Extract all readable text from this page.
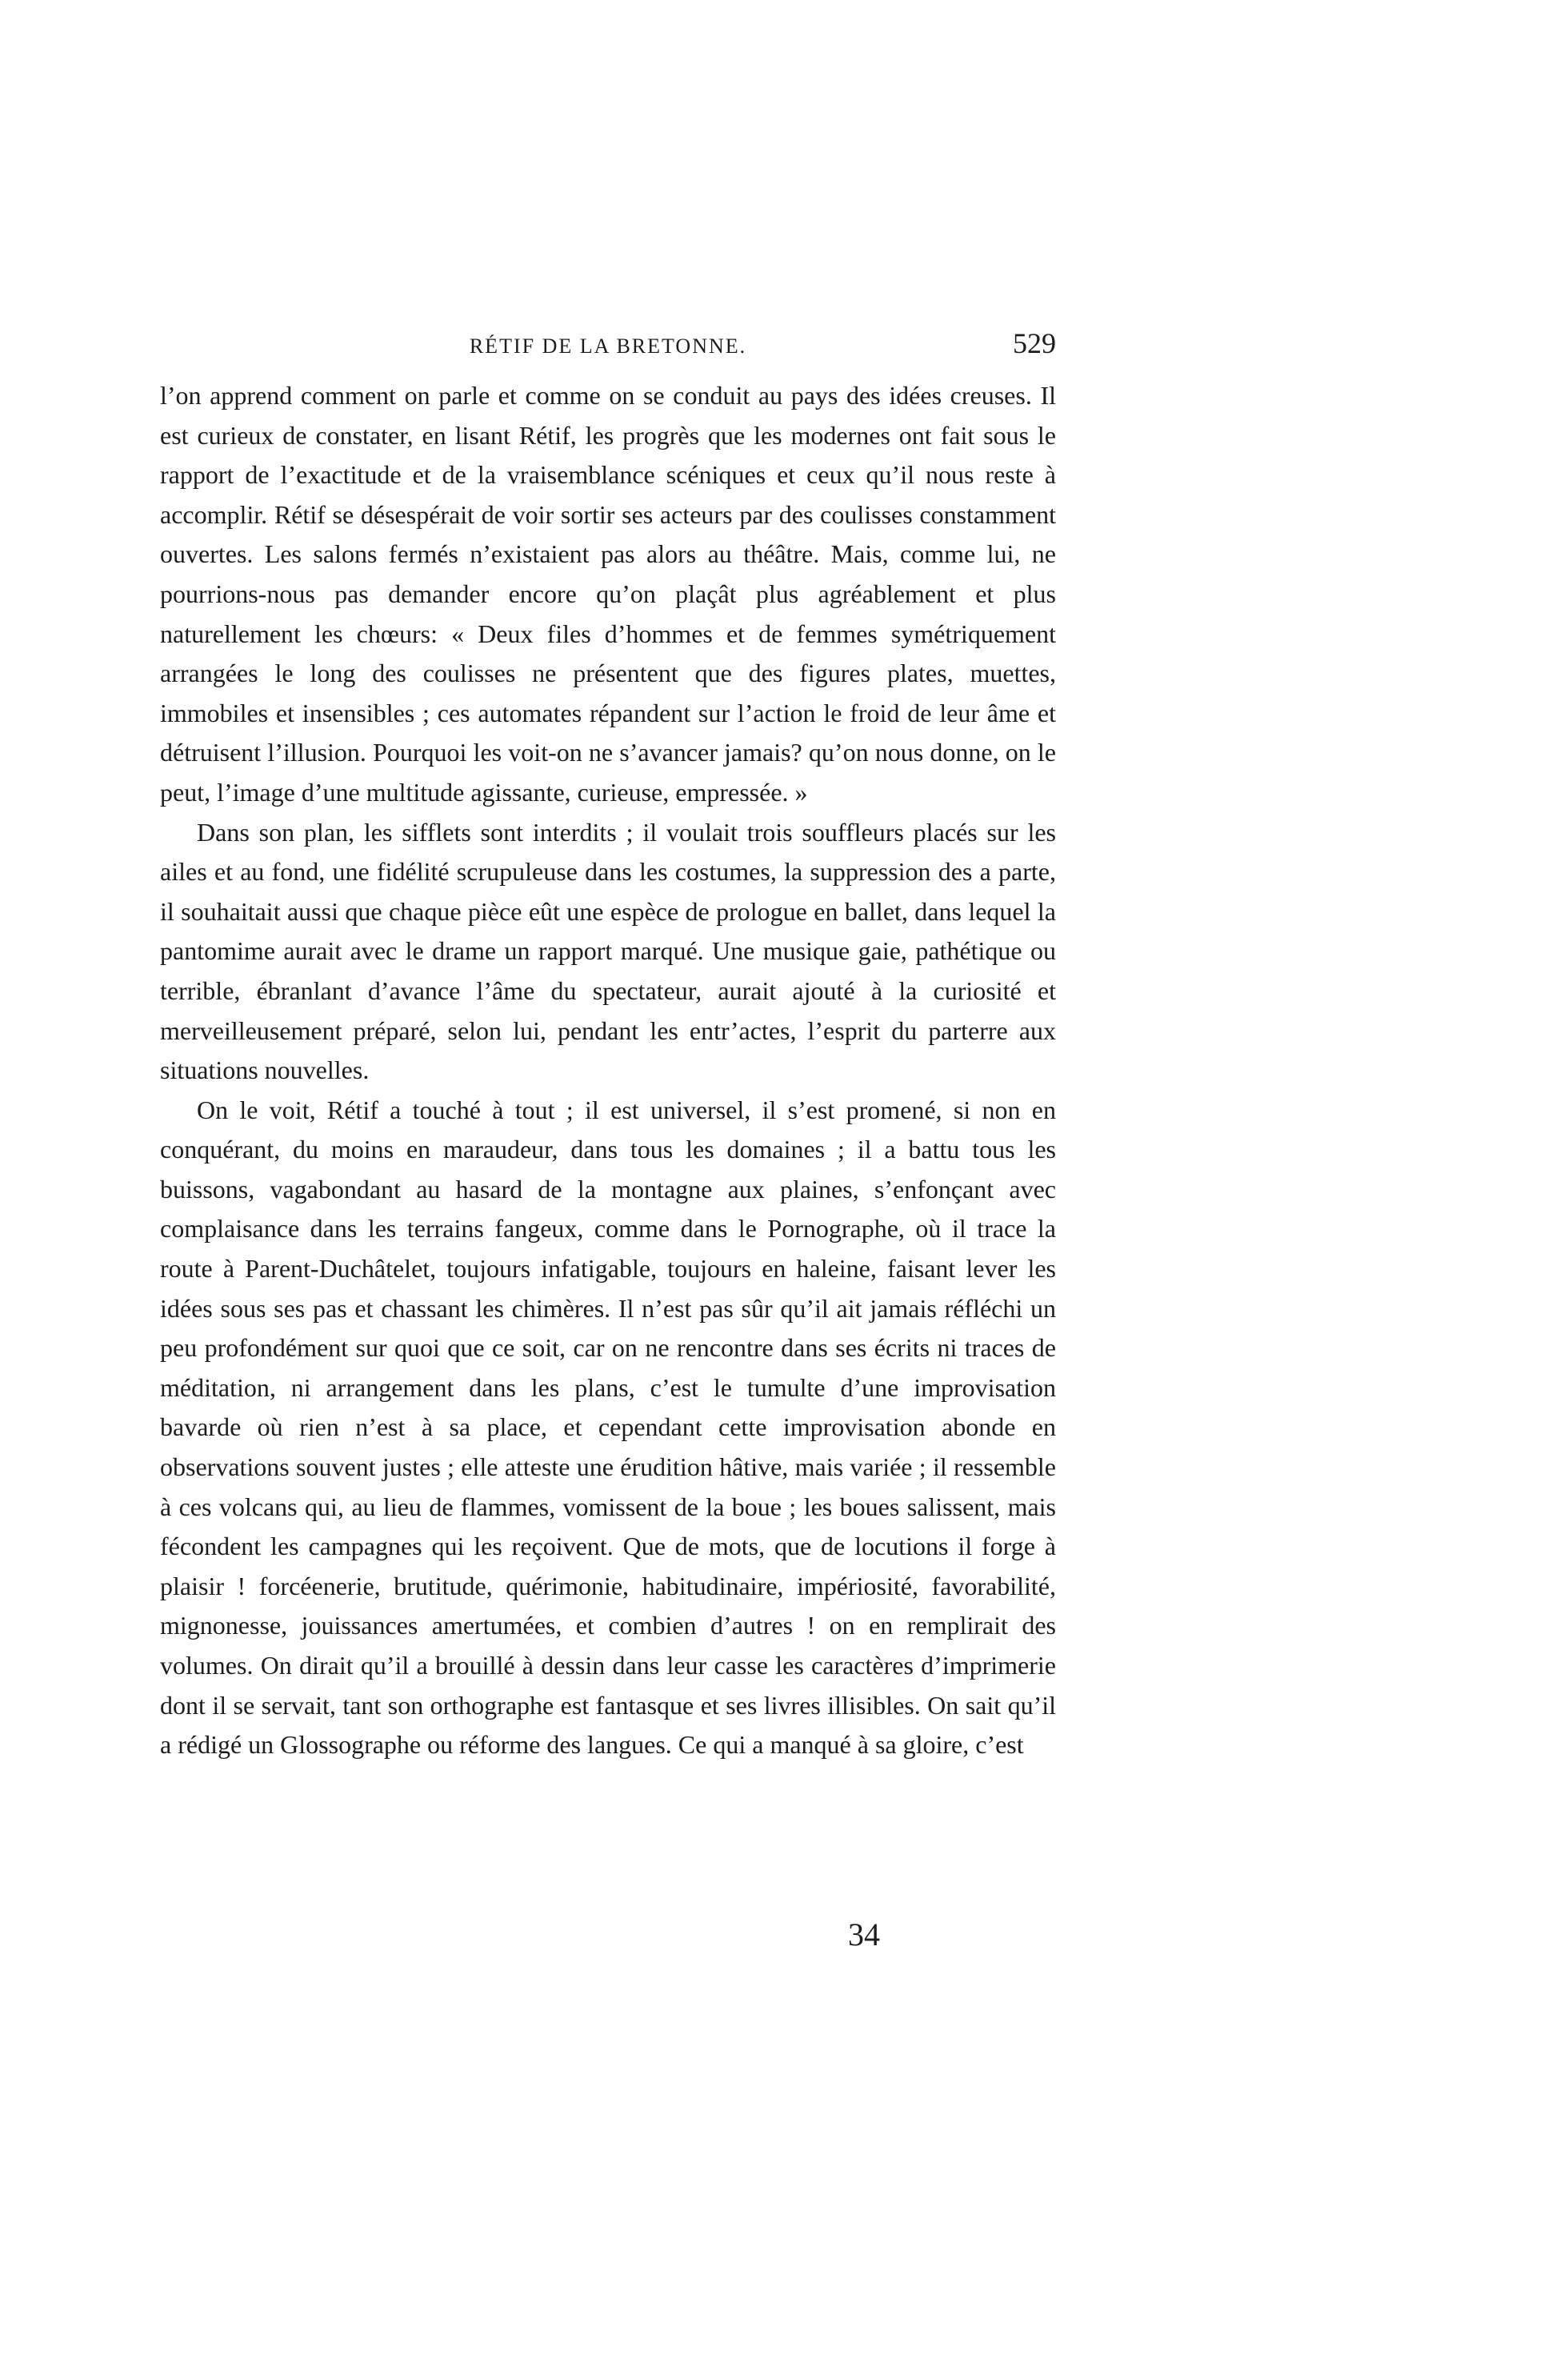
RÉTIF DE LA BRETONNE.	529

l’on apprend comment on parle et comme on se conduit au pays des idées creuses. Il est curieux de constater, en lisant Rétif, les progrès que les modernes ont fait sous le rapport de l’exactitude et de la vraisemblance scéniques et ceux qu’il nous reste à accomplir. Rétif se désespérait de voir sortir ses acteurs par des coulisses constamment ouvertes. Les salons fermés n’existaient pas alors au théâtre. Mais, comme lui, ne pourrions-nous pas demander encore qu’on plaçât plus agréablement et plus naturellement les chœurs: « Deux files d’hommes et de femmes symétriquement arrangées le long des coulisses ne présentent que des figures plates, muettes, immobiles et insensibles ; ces automates répandent sur l’action le froid de leur âme et détruisent l’illusion. Pourquoi les voit-on ne s’avancer jamais? qu’on nous donne, on le peut, l’image d’une multitude agissante, curieuse, empressée. »

Dans son plan, les sifflets sont interdits ; il voulait trois souffleurs placés sur les ailes et au fond, une fidélité scrupuleuse dans les costumes, la suppression des a parte, il souhaitait aussi que chaque pièce eût une espèce de prologue en ballet, dans lequel la pantomime aurait avec le drame un rapport marqué. Une musique gaie, pathétique ou terrible, ébranlant d’avance l’âme du spectateur, aurait ajouté à la curiosité et merveilleusement préparé, selon lui, pendant les entr’actes, l’esprit du parterre aux situations nouvelles.

On le voit, Rétif a touché à tout ; il est universel, il s’est promené, si non en conquérant, du moins en maraudeur, dans tous les domaines ; il a battu tous les buissons, vagabondant au hasard de la montagne aux plaines, s’enfonçant avec complaisance dans les terrains fangeux, comme dans le Pornographe, où il trace la route à Parent-Duchâtelet, toujours infatigable, toujours en haleine, faisant lever les idées sous ses pas et chassant les chimères. Il n’est pas sûr qu’il ait jamais réfléchi un peu profondément sur quoi que ce soit, car on ne rencontre dans ses écrits ni traces de méditation, ni arrangement dans les plans, c’est le tumulte d’une improvisation bavarde où rien n’est à sa place, et cependant cette improvisation abonde en observations souvent justes ; elle atteste une érudition hâtive, mais variée ; il ressemble à ces volcans qui, au lieu de flammes, vomissent de la boue ; les boues salissent, mais fécondent les campagnes qui les reçoivent. Que de mots, que de locutions il forge à plaisir ! forcéenerie, brutitude, quérimonie, habitudinaire, impériosité, favorabilité, mignonesse, jouissances amertumées, et combien d’autres ! on en remplirait des volumes. On dirait qu’il a brouillé à dessin dans leur casse les caractères d’imprimerie dont il se servait, tant son orthographe est fantasque et ses livres illisibles. On sait qu’il a rédigé un Glossographe ou réforme des langues. Ce qui a manqué à sa gloire, c’est

34
